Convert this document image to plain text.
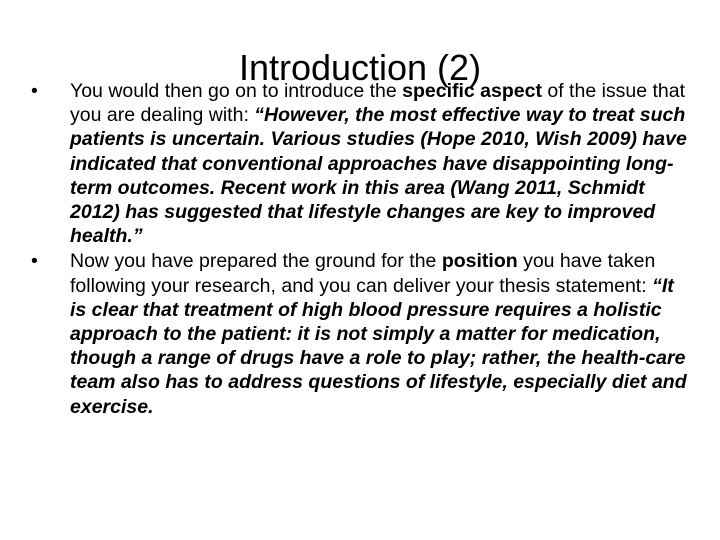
Introduction (2)
•	You would then go on to introduce the specific aspect of the issue that you are dealing with: “However, the most effective way to treat such patients is uncertain. Various studies (Hope 2010, Wish 2009) have indicated that conventional approaches have disappointing long-term outcomes. Recent work in this area (Wang 2011, Schmidt 2012) has suggested that lifestyle changes are key to improved health.”
•	Now you have prepared the ground for the position you have taken following your research, and you can deliver your thesis statement: “It is clear that treatment of high blood pressure requires a holistic approach to the patient: it is not simply a matter for medication, though a range of drugs have a role to play; rather, the health-care team also has to address questions of lifestyle, especially diet and exercise.
